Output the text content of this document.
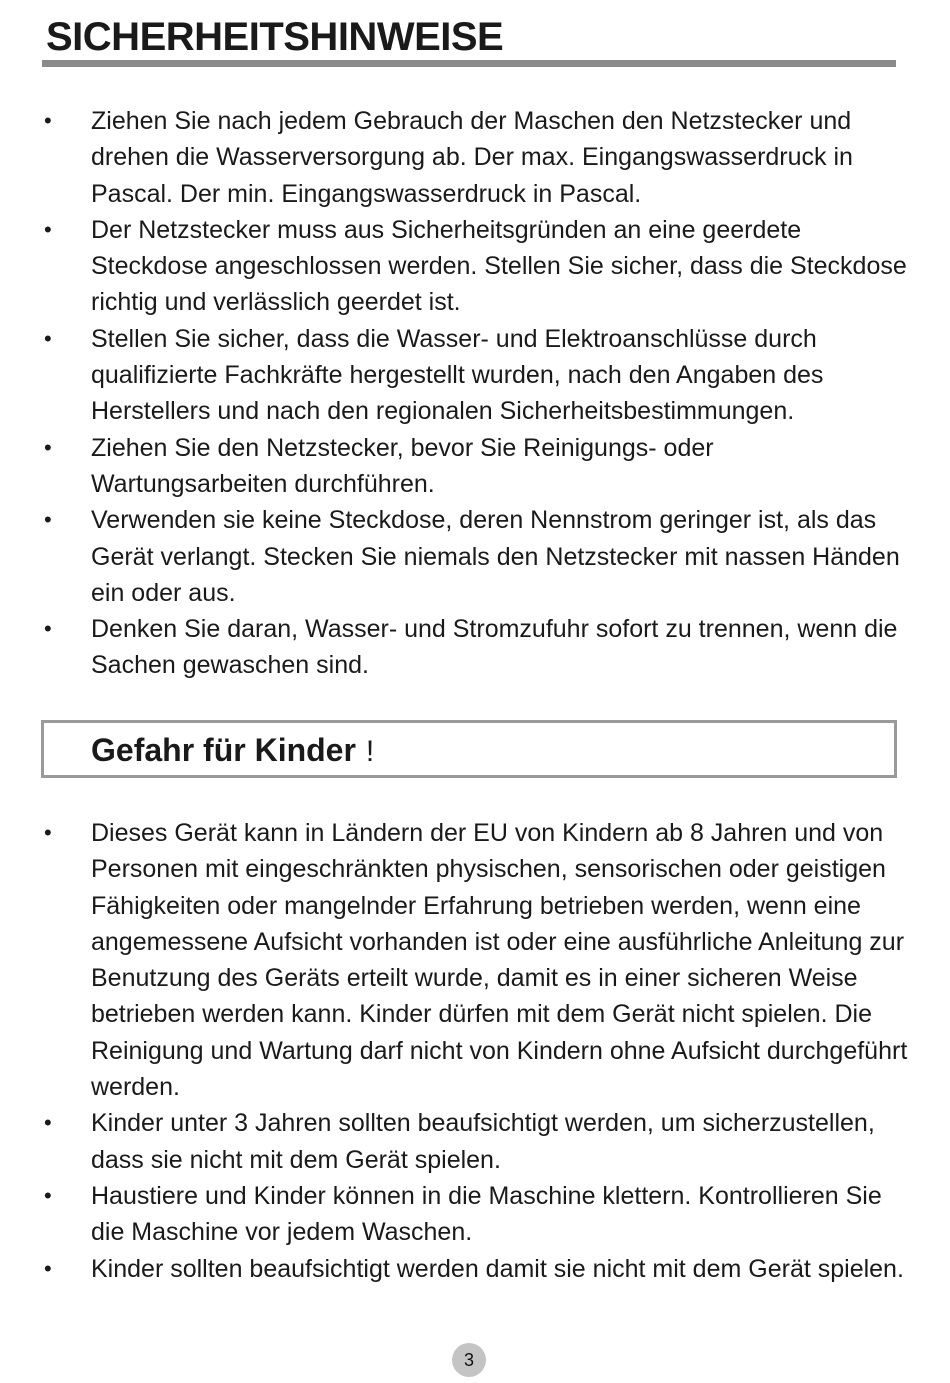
SICHERHEITSHINWEISE
• Ziehen Sie nach jedem Gebrauch der Maschen den Netzstecker und drehen die Wasserversorgung ab. Der max. Eingangswasserdruck in Pascal. Der min. Eingangswasserdruck in Pascal.
• Der Netzstecker muss aus Sicherheitsgründen an eine geerdete Steckdose angeschlossen werden. Stellen Sie sicher, dass die Steckdose richtig und verlässlich geerdet ist.
• Stellen Sie sicher, dass die Wasser- und Elektroanschlüsse durch qualifizierte Fachkräfte hergestellt wurden, nach den Angaben des Herstellers und nach den regionalen Sicherheitsbestimmungen.
• Ziehen Sie den Netzstecker, bevor Sie Reinigungs- oder Wartungsarbeiten durchführen.
• Verwenden sie keine Steckdose, deren Nennstrom geringer ist, als das Gerät verlangt. Stecken Sie niemals den Netzstecker mit nassen Händen ein oder aus.
• Denken Sie daran, Wasser- und Stromzufuhr sofort zu trennen, wenn die Sachen gewaschen sind.
Gefahr für Kinder !
• Dieses Gerät kann in Ländern der EU von Kindern ab 8 Jahren und von Personen mit eingeschränkten physischen, sensorischen oder geistigen Fähigkeiten oder mangelnder Erfahrung betrieben werden, wenn eine angemessene Aufsicht vorhanden ist oder eine ausführliche Anleitung zur Benutzung des Geräts erteilt wurde, damit es in einer sicheren Weise betrieben werden kann. Kinder dürfen mit dem Gerät nicht spielen. Die Reinigung und Wartung darf nicht von Kindern ohne Aufsicht durchgeführt werden.
• Kinder unter 3 Jahren sollten beaufsichtigt werden, um sicherzustellen, dass sie nicht mit dem Gerät spielen.
• Haustiere und Kinder können in die Maschine klettern. Kontrollieren Sie die Maschine vor jedem Waschen.
• Kinder sollten beaufsichtigt werden damit sie nicht mit dem Gerät spielen.
3
